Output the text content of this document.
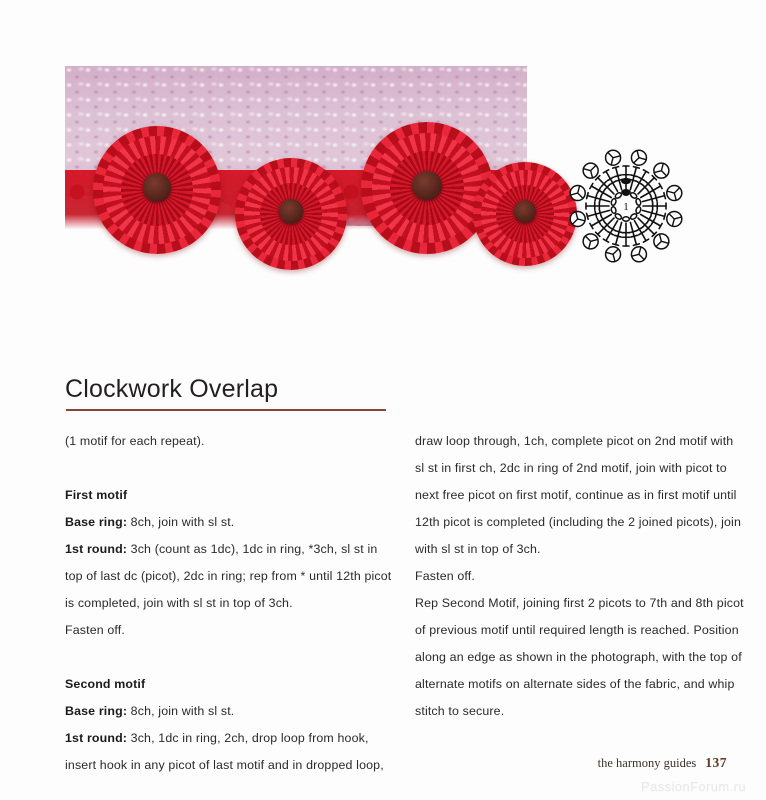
1
Clockwork Overlap

(1 motif for each repeat).

First motif

Base ring: 8ch, join with sl st.

1st round: 3ch (count as 1dc), 1dc in ring, *3ch, sl st in top of last dc (picot), 2dc in ring; rep from * until 12th picot is completed, join with sl st in top of 3ch.

Fasten off.

Second motif

Base ring: 8ch, join with sl st.

1st round: 3ch, 1dc in ring, 2ch, drop loop from hook, insert hook in any picot of last motif and in dropped loop,

draw loop through, 1ch, complete picot on 2nd motif with sl st in first ch, 2dc in ring of 2nd motif, join with picot to next free picot on first motif, continue as in first motif until 12th picot is completed (including the 2 joined picots), join with sl st in top of 3ch.

Fasten off.

Rep Second Motif, joining first 2 picots to 7th and 8th picot of previous motif until required length is reached. Position along an edge as shown in the photograph, with the top of alternate motifs on alternate sides of the fabric, and whip stitch to secure.

the harmony guides 137
PassionForum.ru
